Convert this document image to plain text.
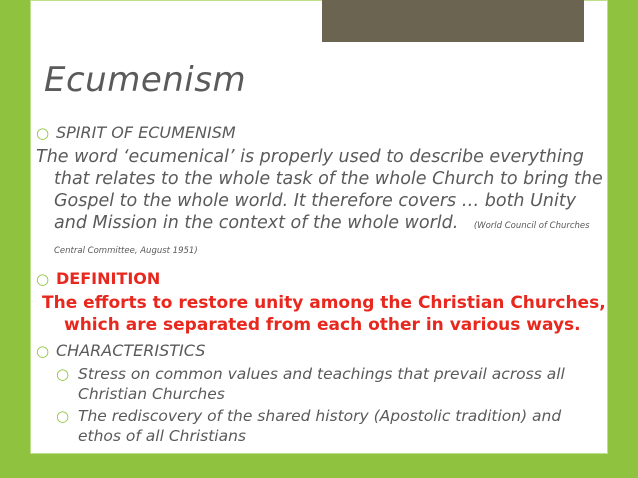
Ecumenism
○ SPIRIT OF ECUMENISM
The word ‘ecumenical’ is properly used to describe everything that relates to the whole task of the whole Church to bring the Gospel to the whole world. It therefore covers … both Unity and Mission in the context of the whole world. (World Council of Churches Central Committee, August 1951)
○ DEFINITION
The efforts to restore unity among the Christian Churches, which are separated from each other in various ways.
○ CHARACTERISTICS
○ Stress on common values and teachings that prevail across all Christian Churches
○ The rediscovery of the shared history (Apostolic tradition) and ethos of all Christians
